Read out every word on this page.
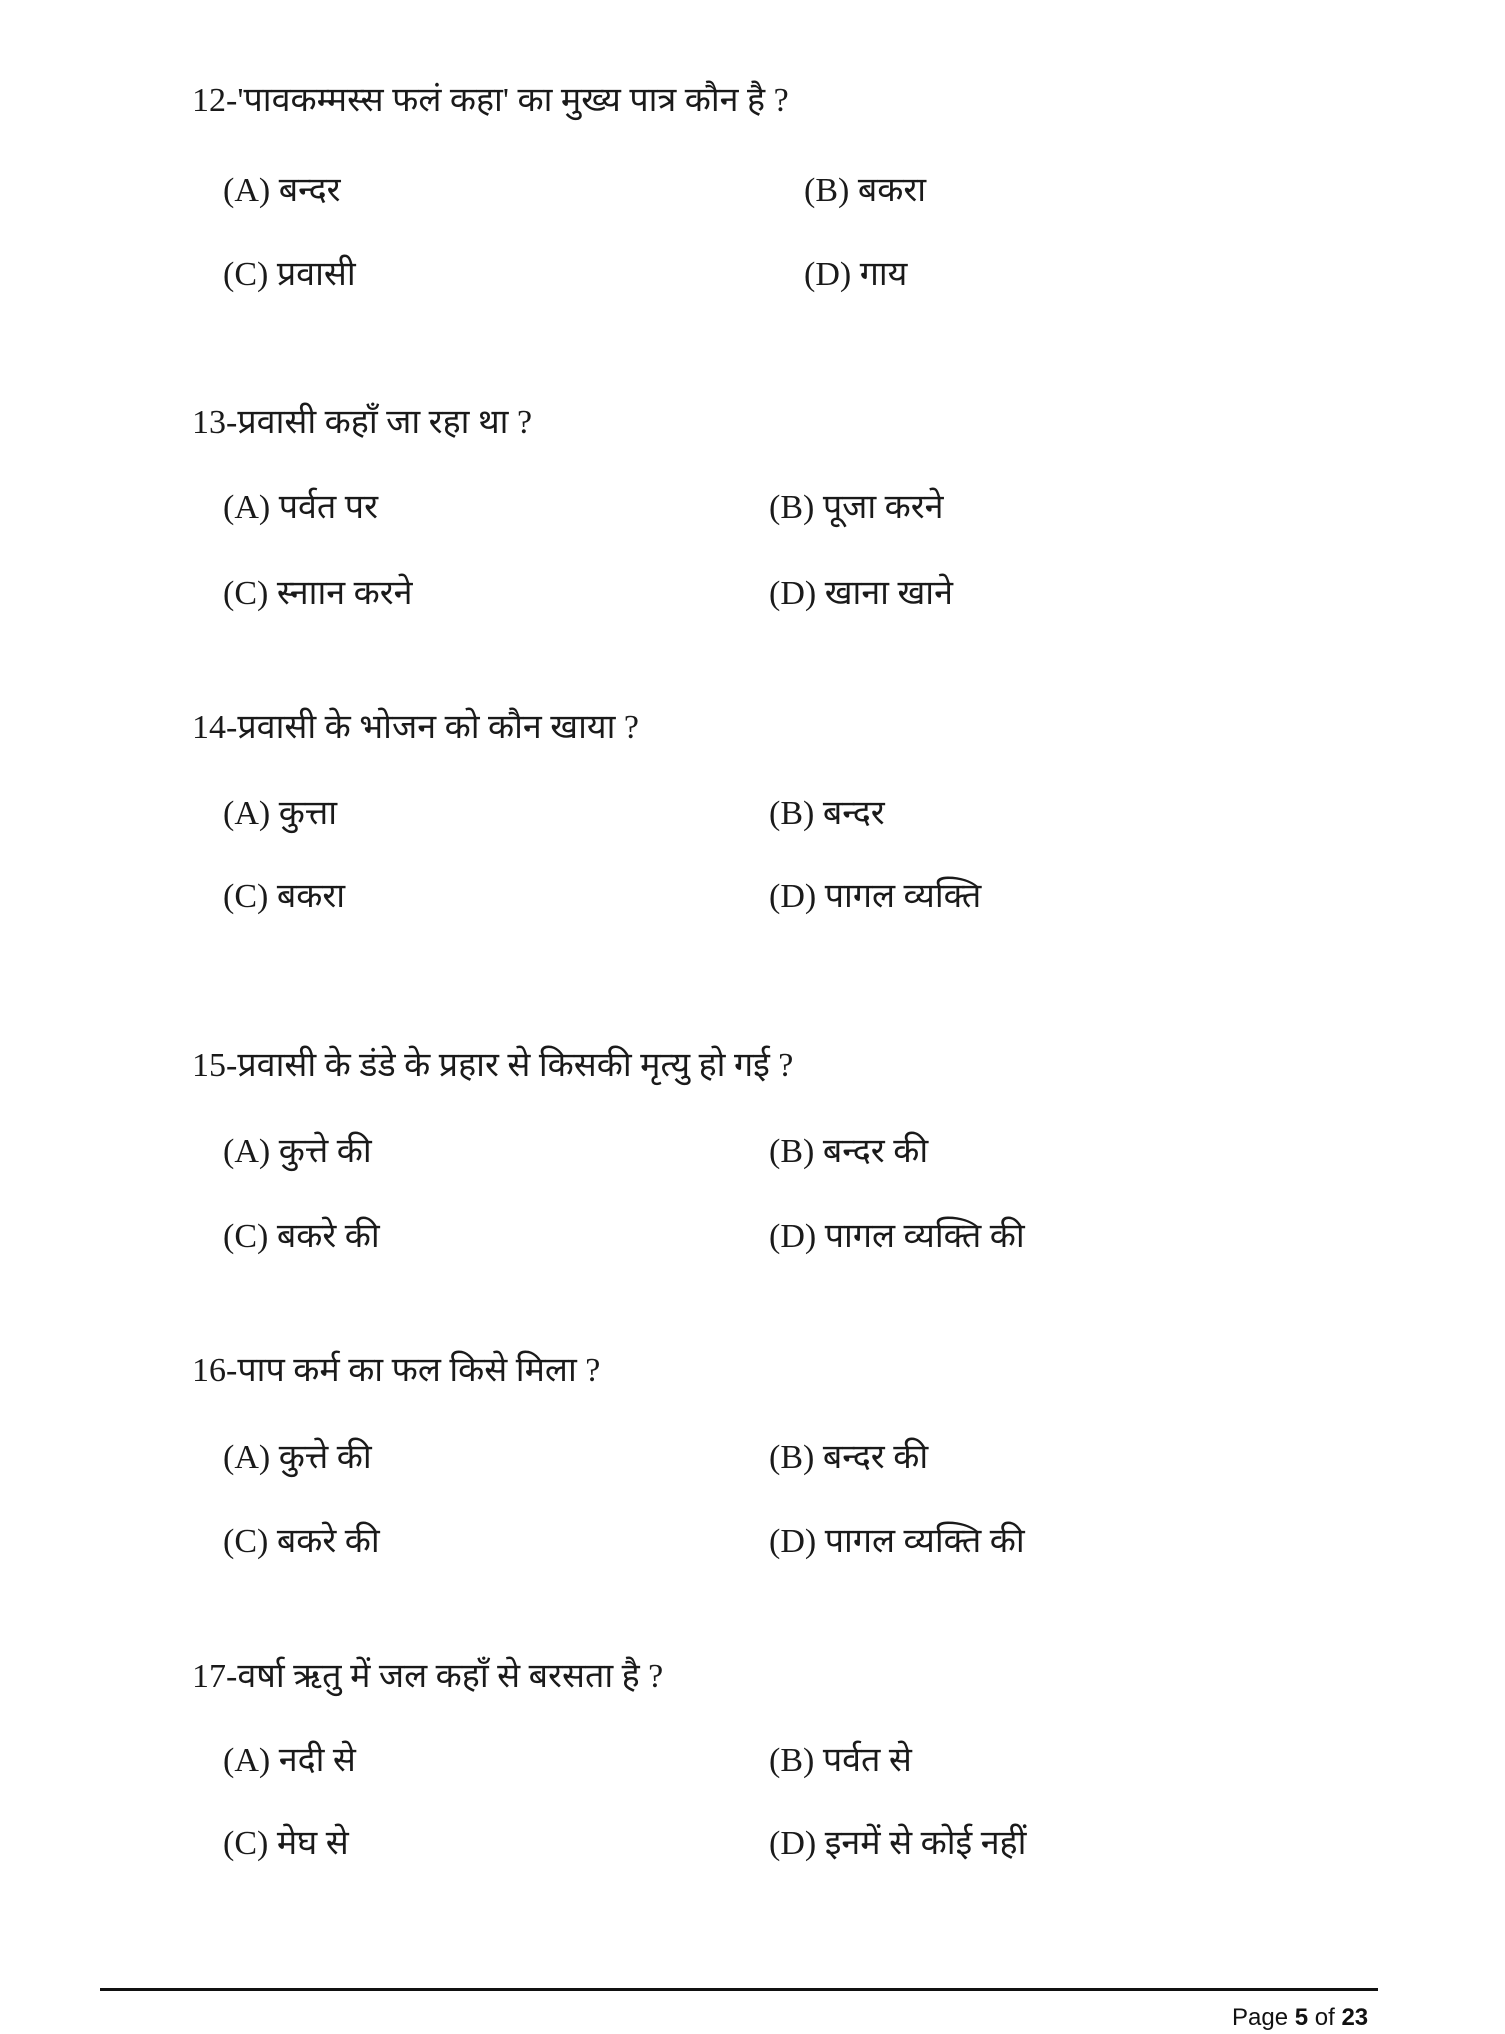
12-'पावकम्मस्स फलं कहा' का मुख्य पात्र कौन है ?
(A) बन्दर	(B) बकरा
(C) प्रवासी	(D) गाय
13-प्रवासी कहाँ जा रहा था ?
(A) पर्वत पर	(B) पूजा करने
(C) स्नाान करने	(D) खाना खाने
14-प्रवासी के भोजन को कौन खाया ?
(A) कुत्ता	(B) बन्दर
(C) बकरा	(D) पागल व्यक्ति
15-प्रवासी के डंडे के प्रहार से किसकी मृत्यु हो गई ?
(A) कुत्ते की	(B) बन्दर की
(C) बकरे की	(D) पागल व्यक्ति की
16-पाप कर्म का फल किसे मिला ?
(A) कुत्ते की	(B) बन्दर की
(C) बकरे की	(D) पागल व्यक्ति की
17-वर्षा ऋतु में जल कहाँ से बरसता है ?
(A) नदी से	(B) पर्वत से
(C) मेघ से	(D) इनमें से कोई नहीं
Page 5 of 23
